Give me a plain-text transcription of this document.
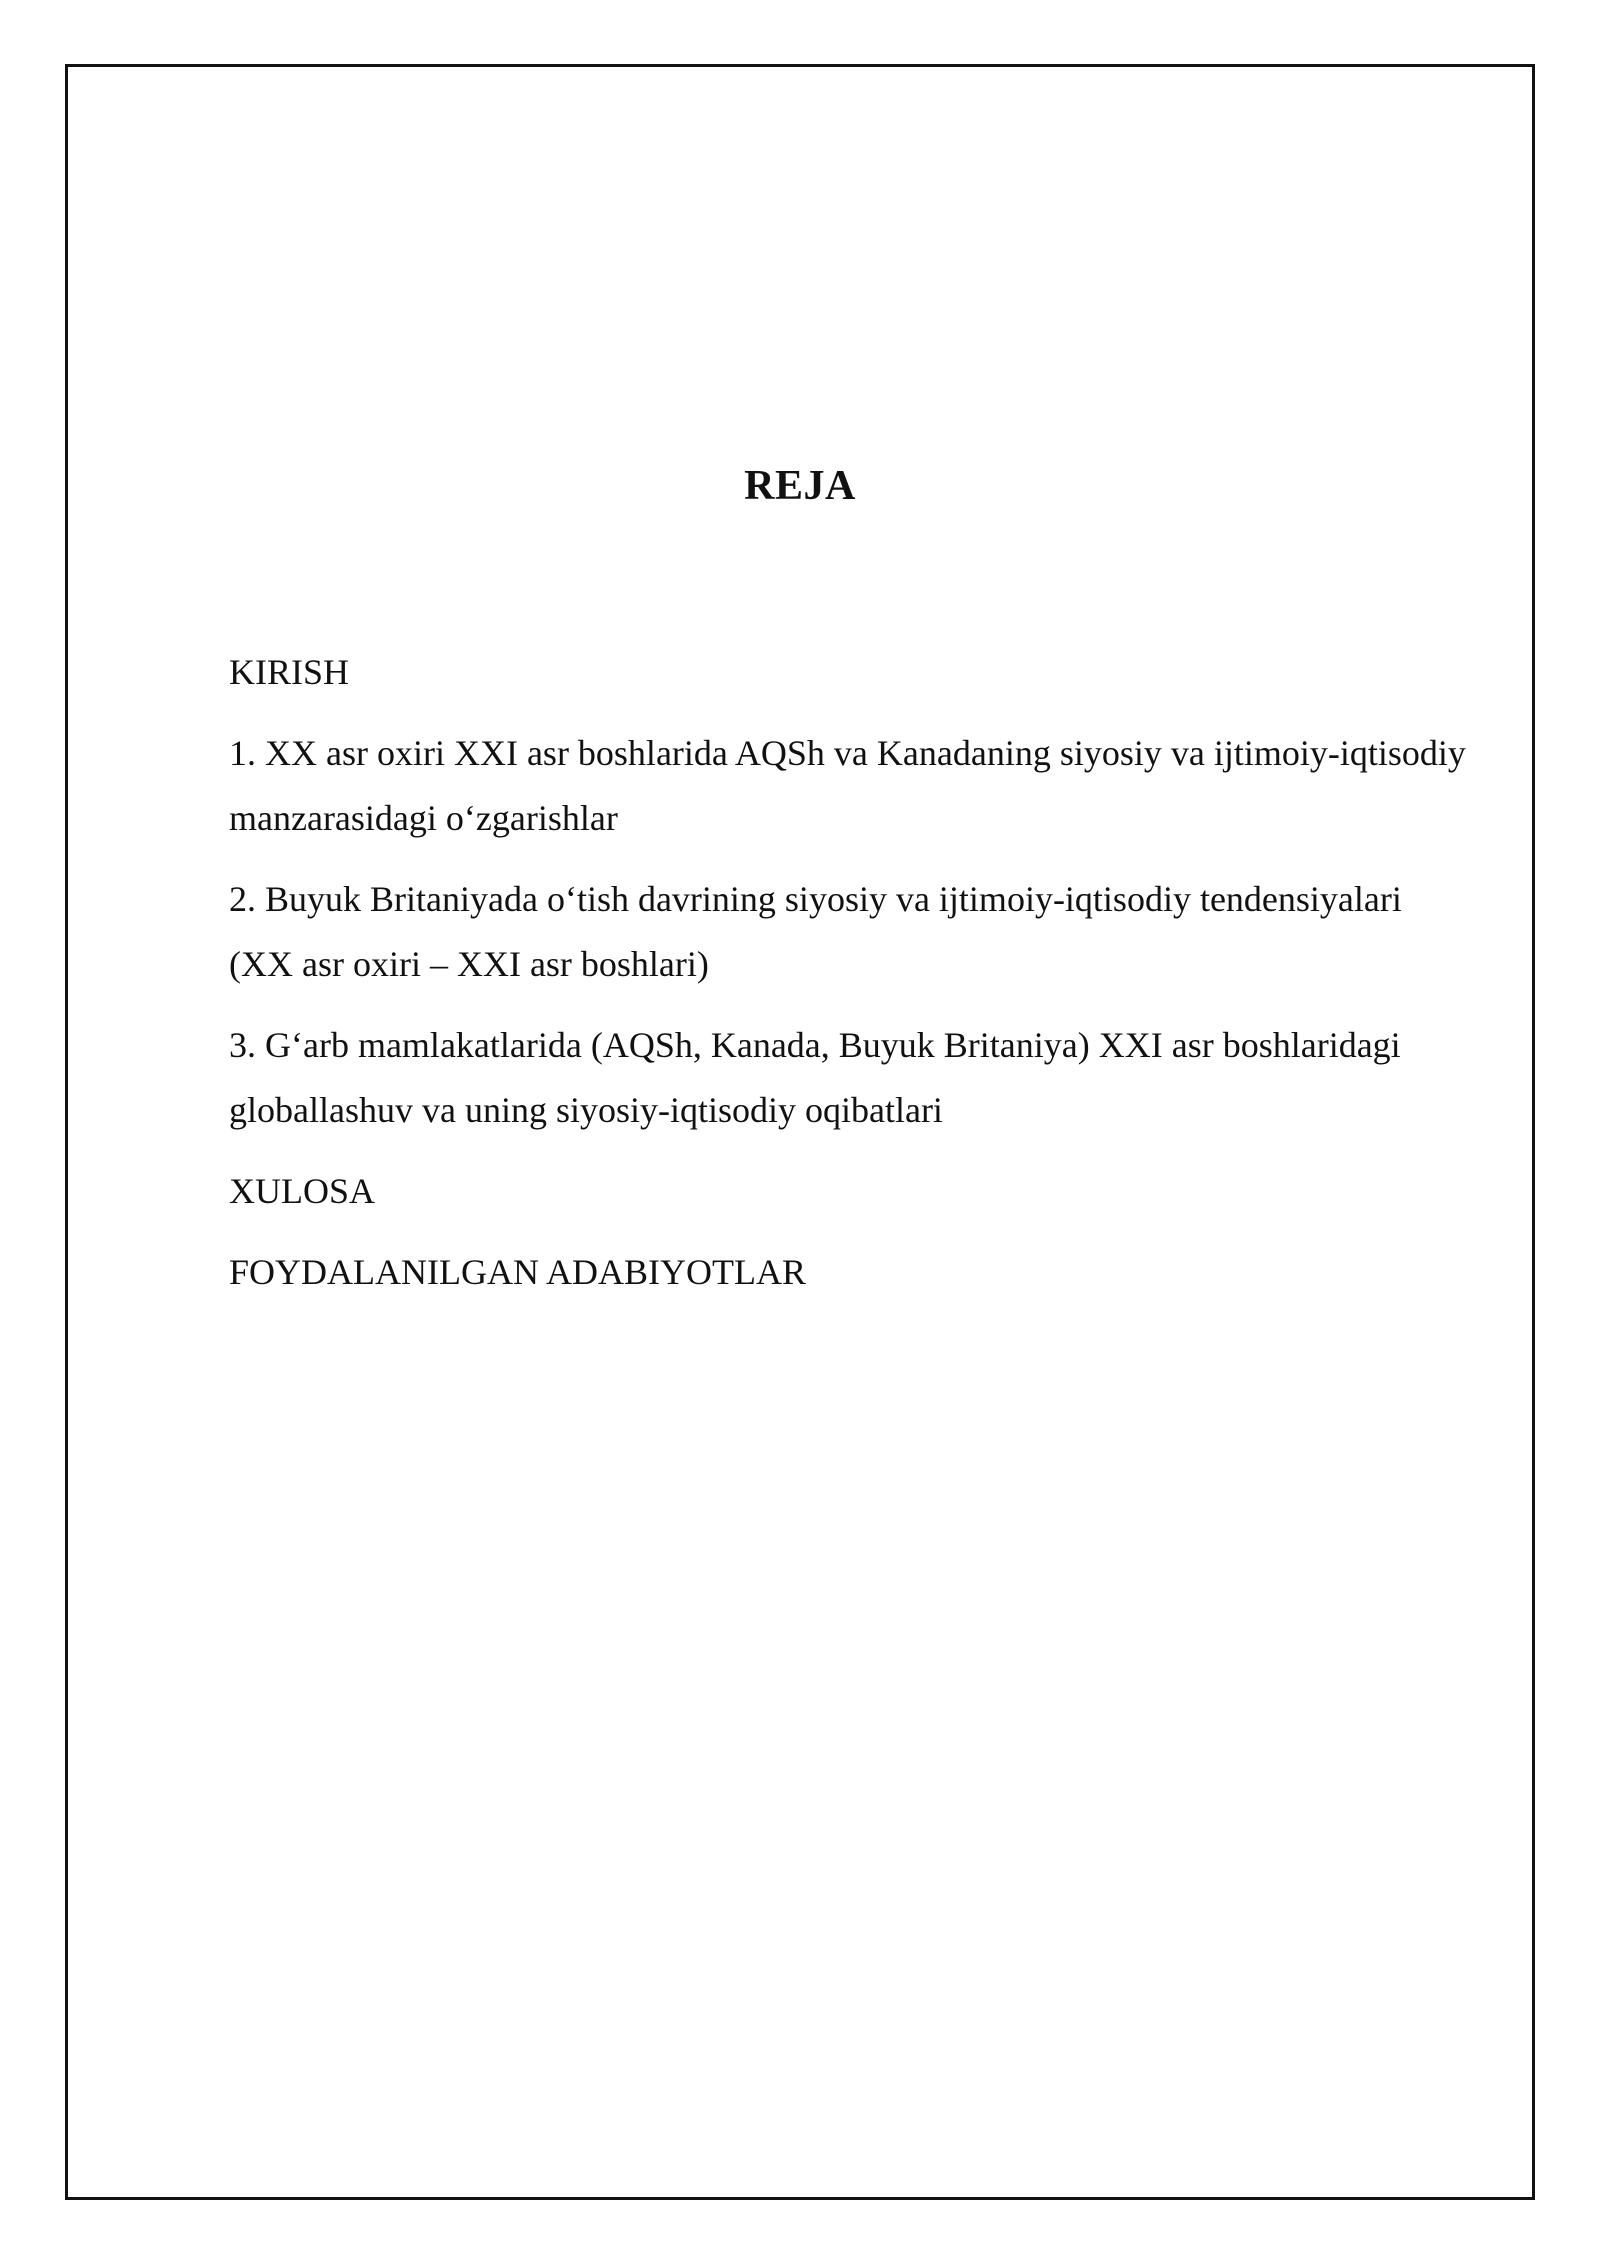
REJA

KIRISH

1. XX asr oxiri XXI asr boshlarida AQSh va Kanadaning siyosiy va ijtimoiy-iqtisodiy manzarasidagi o‘zgarishlar

2. Buyuk Britaniyada o‘tish davrining siyosiy va ijtimoiy-iqtisodiy tendensiyalari (XX asr oxiri – XXI asr boshlari)

3. G‘arb mamlakatlarida (AQSh, Kanada, Buyuk Britaniya) XXI asr boshlaridagi globallashuv va uning siyosiy-iqtisodiy oqibatlari

XULOSA

FOYDALANILGAN ADABIYOTLAR
